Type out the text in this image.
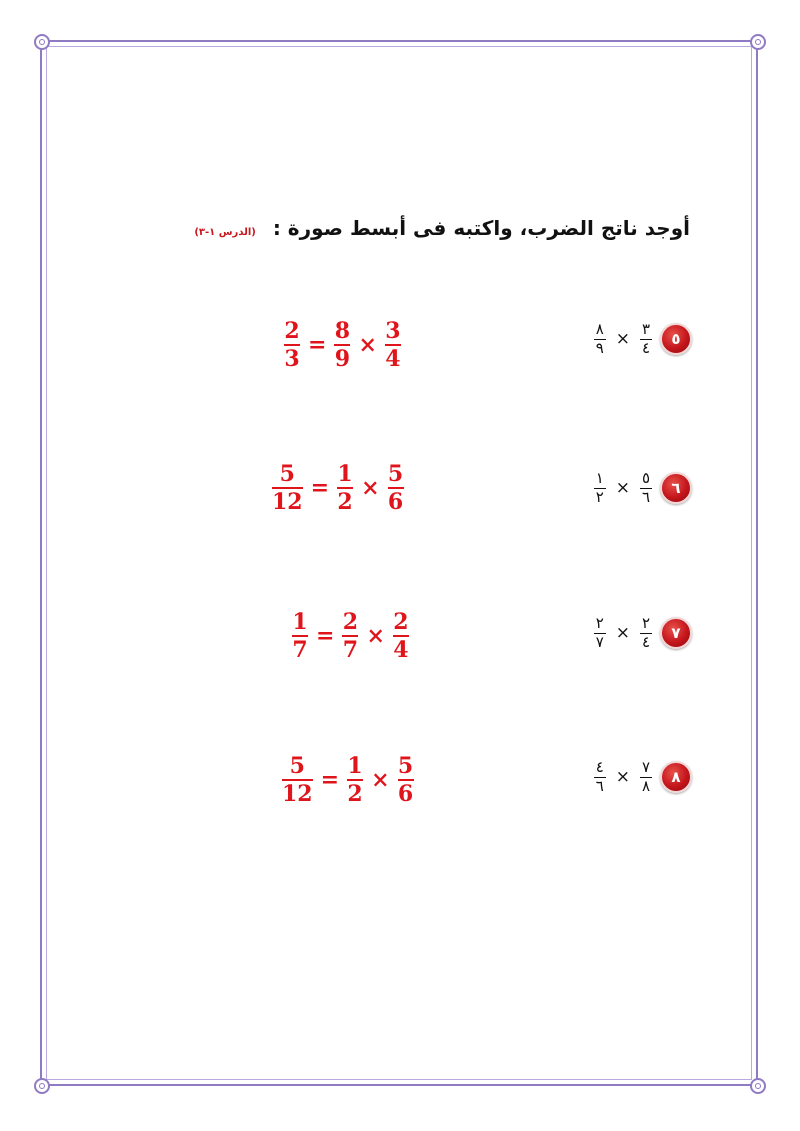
أوجد ناتج الضرب، واكتبه فى أبسط صورة : (الدرس ١-٣)
٥
$\frac{٣}{٤}$
×
$\frac{٨}{٩}$
$\frac{2}{3} = \frac{8}{9} \times \frac{3}{4}$
٦
$\frac{٥}{٦}$
×
$\frac{١}{٢}$
$\frac{5}{12} = \frac{1}{2} \times \frac{5}{6}$
٧
$\frac{٢}{٤}$
×
$\frac{٢}{٧}$
$\frac{1}{7} = \frac{2}{7} \times \frac{2}{4}$
٨
$\frac{٧}{٨}$
×
$\frac{٤}{٦}$
$\frac{5}{12} = \frac{1}{2} \times \frac{5}{6}$
